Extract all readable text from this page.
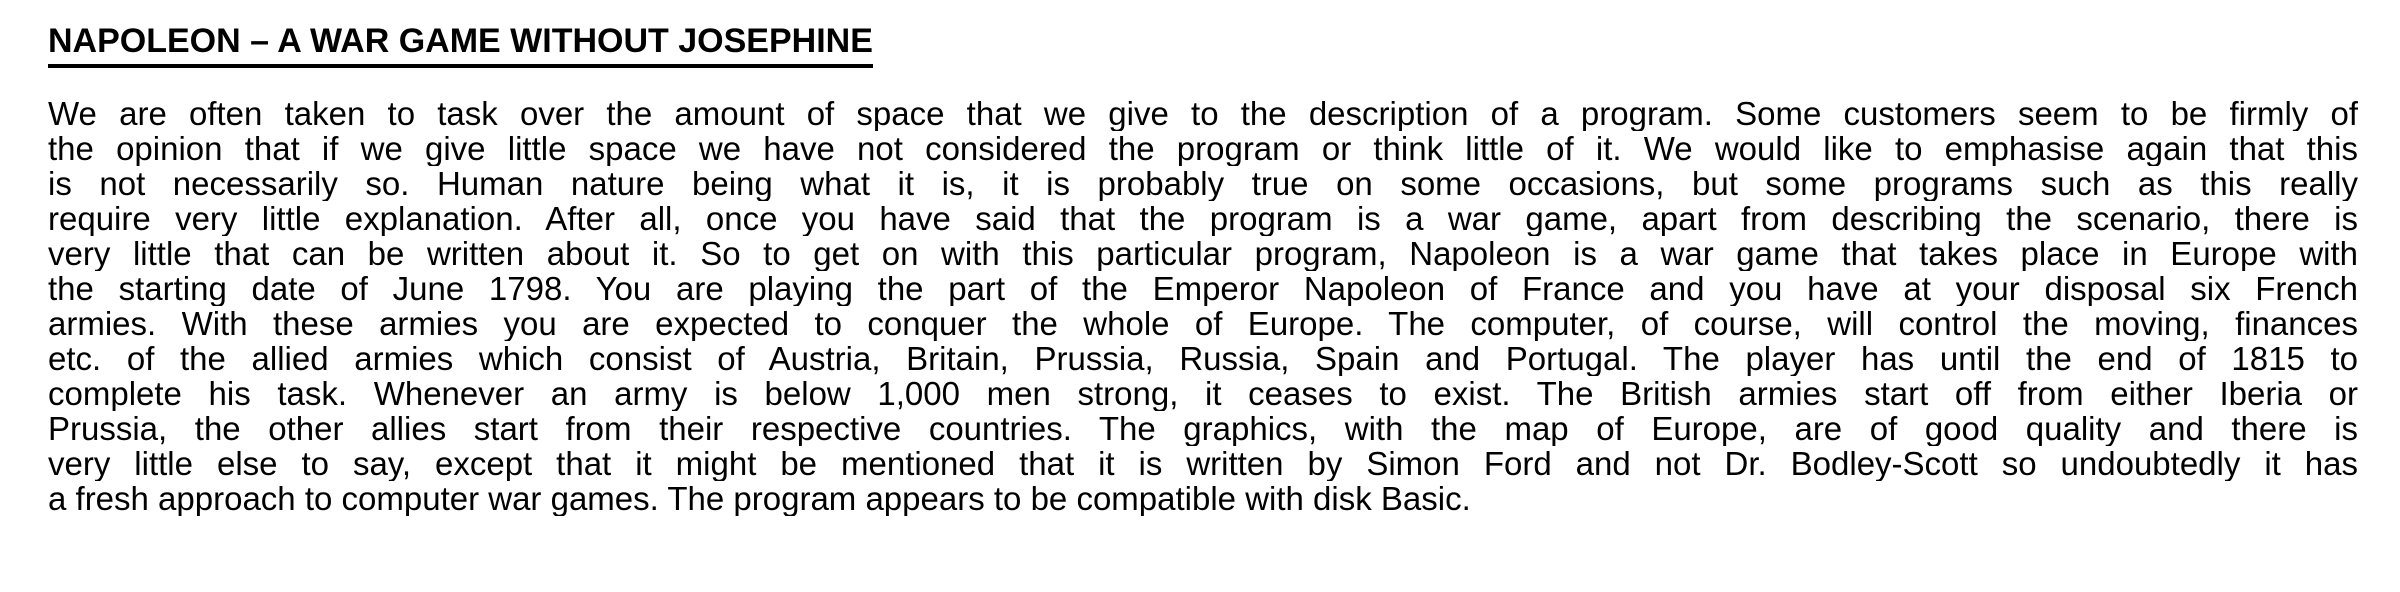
NAPOLEON – A WAR GAME WITHOUT JOSEPHINE
We are often taken to task over the amount of space that we give to the description of a program. Some customers seem to be firmly of
the opinion that if we give little space we have not considered the program or think little of it. We would like to emphasise again that this
is not necessarily so. Human nature being what it is, it is probably true on some occasions, but some programs such as this really
require very little explanation. After all, once you have said that the program is a war game, apart from describing the scenario, there is
very little that can be written about it. So to get on with this particular program, Napoleon is a war game that takes place in Europe with
the starting date of June 1798. You are playing the part of the Emperor Napoleon of France and you have at your disposal six French
armies. With these armies you are expected to conquer the whole of Europe. The computer, of course, will control the moving, finances
etc. of the allied armies which consist of Austria, Britain, Prussia, Russia, Spain and Portugal. The player has until the end of 1815 to
complete his task. Whenever an army is below 1,000 men strong, it ceases to exist. The British armies start off from either Iberia or
Prussia, the other allies start from their respective countries. The graphics, with the map of Europe, are of good quality and there is
very little else to say, except that it might be mentioned that it is written by Simon Ford and not Dr. Bodley-Scott so undoubtedly it has
a fresh approach to computer war games. The program appears to be compatible with disk Basic.
